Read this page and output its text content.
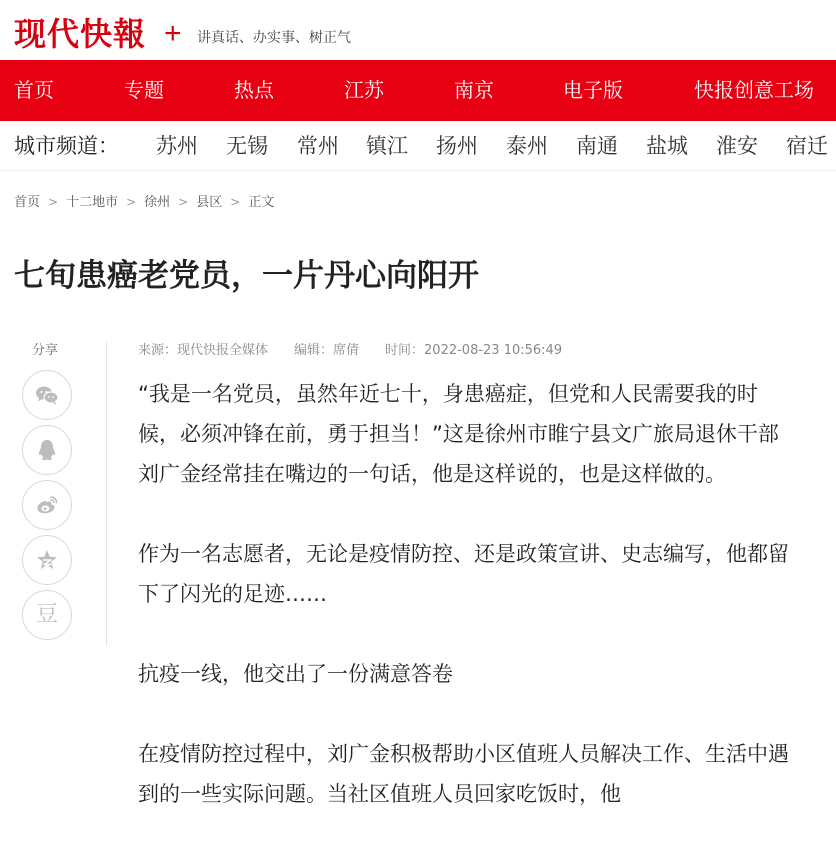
现代快報 + 讲真话、办实事、树正气
首页	专题	热点	江苏	南京	电子版	快报创意工场
城市频道： 苏州 无锡 常州 镇江 扬州 泰州 南通 盐城 淮安 宿迁
首页 > 十二地市 > 徐州 > 县区 > 正文
七旬患癌老党员，一片丹心向阳开
分享
豆
来源：现代快报全媒体 编辑：席倩 时间：2022-08-23 10:56:49

“我是一名党员，虽然年近七十，身患癌症，但党和人民需要我的时候，必须冲锋在前，勇于担当！”这是徐州市睢宁县文广旅局退休干部刘广金经常挂在嘴边的一句话，他是这样说的，也是这样做的。

作为一名志愿者，无论是疫情防控、还是政策宣讲、史志编写，他都留下了闪光的足迹……

抗疫一线，他交出了一份满意答卷

在疫情防控过程中，刘广金积极帮助小区值班人员解决工作、生活中遇到的一些实际问题。当社区值班人员回家吃饭时，他
